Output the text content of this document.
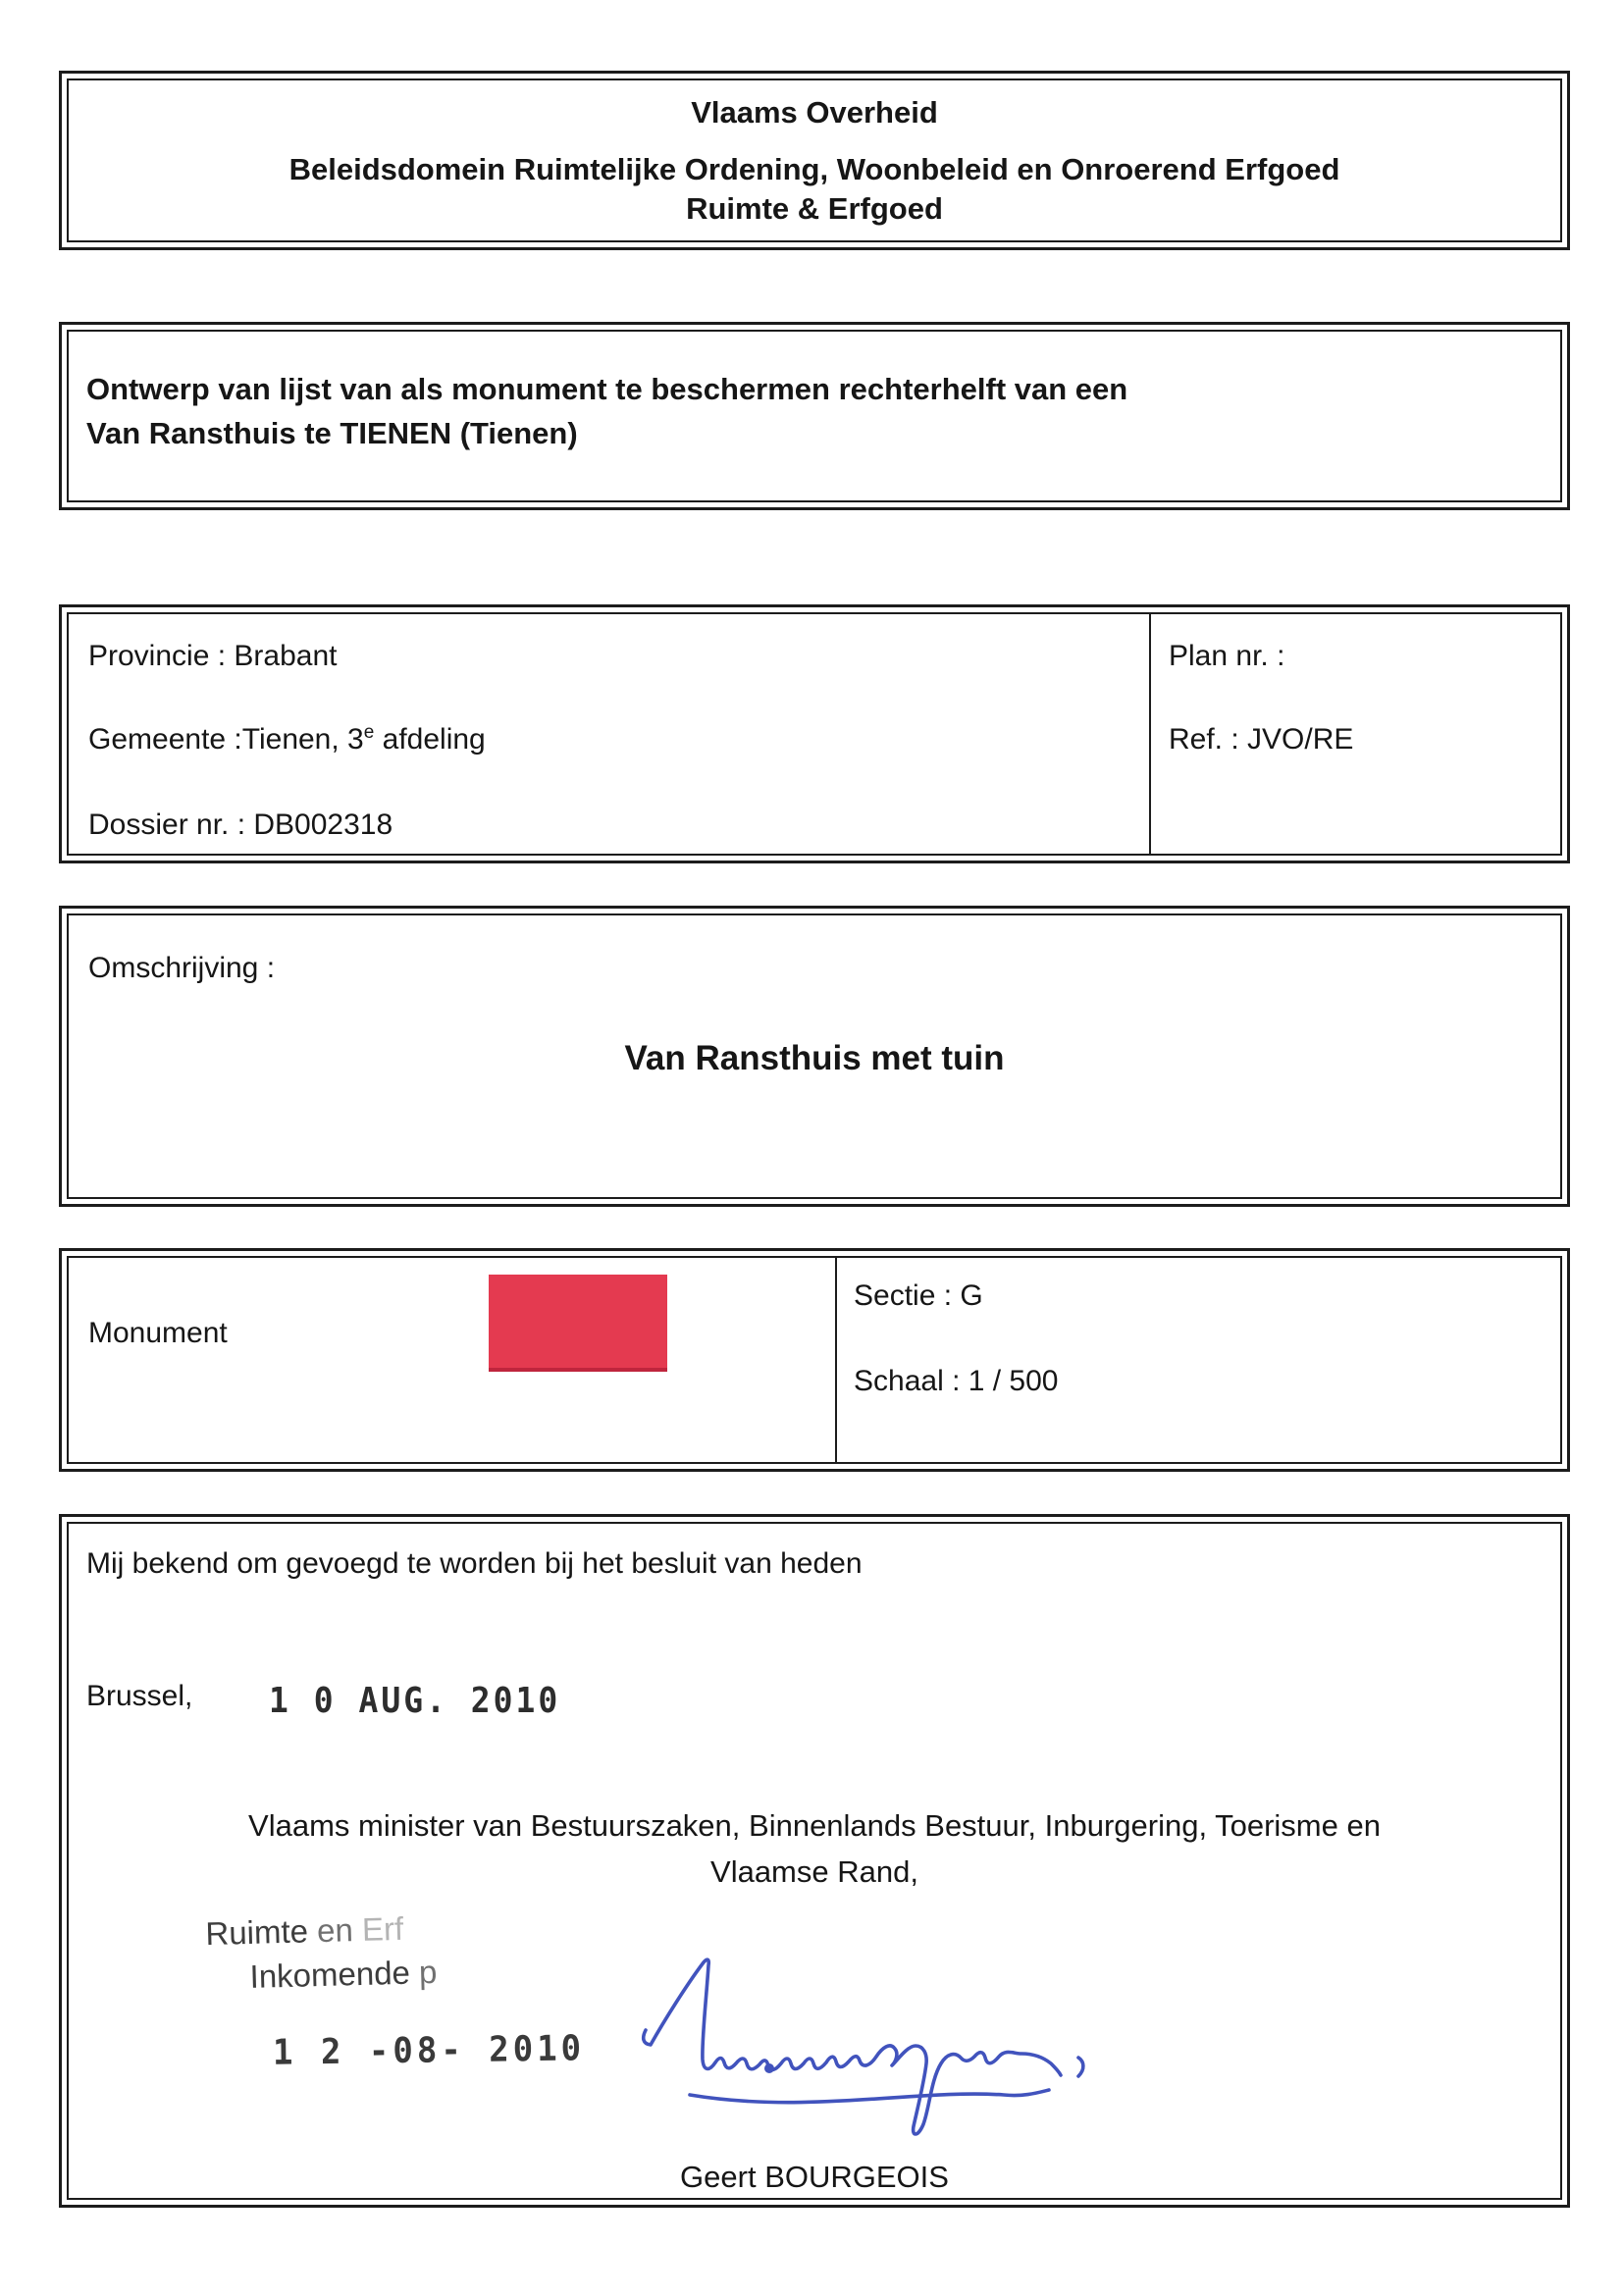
Vlaams Overheid
Beleidsdomein Ruimtelijke Ordening, Woonbeleid en Onroerend Erfgoed
Ruimte & Erfgoed
Ontwerp van lijst van als monument te beschermen rechterhelft van een
Van Ransthuis te TIENEN (Tienen)
Provincie : Brabant
Gemeente :Tienen, 3e afdeling
Dossier nr. : DB002318
Plan nr. :
Ref. : JVO/RE
Omschrijving :
Van Ransthuis met tuin
Monument
Sectie : G
Schaal : 1 / 500
Mij bekend om gevoegd te worden bij het besluit van heden
Brussel, 1 0 AUG. 2010
Vlaams minister van Bestuurszaken, Binnenlands Bestuur, Inburgering, Toerisme en
Vlaamse Rand,
Ruimte en Erf
Inkomende p
1 2 -08- 2010
Geert BOURGEOIS
